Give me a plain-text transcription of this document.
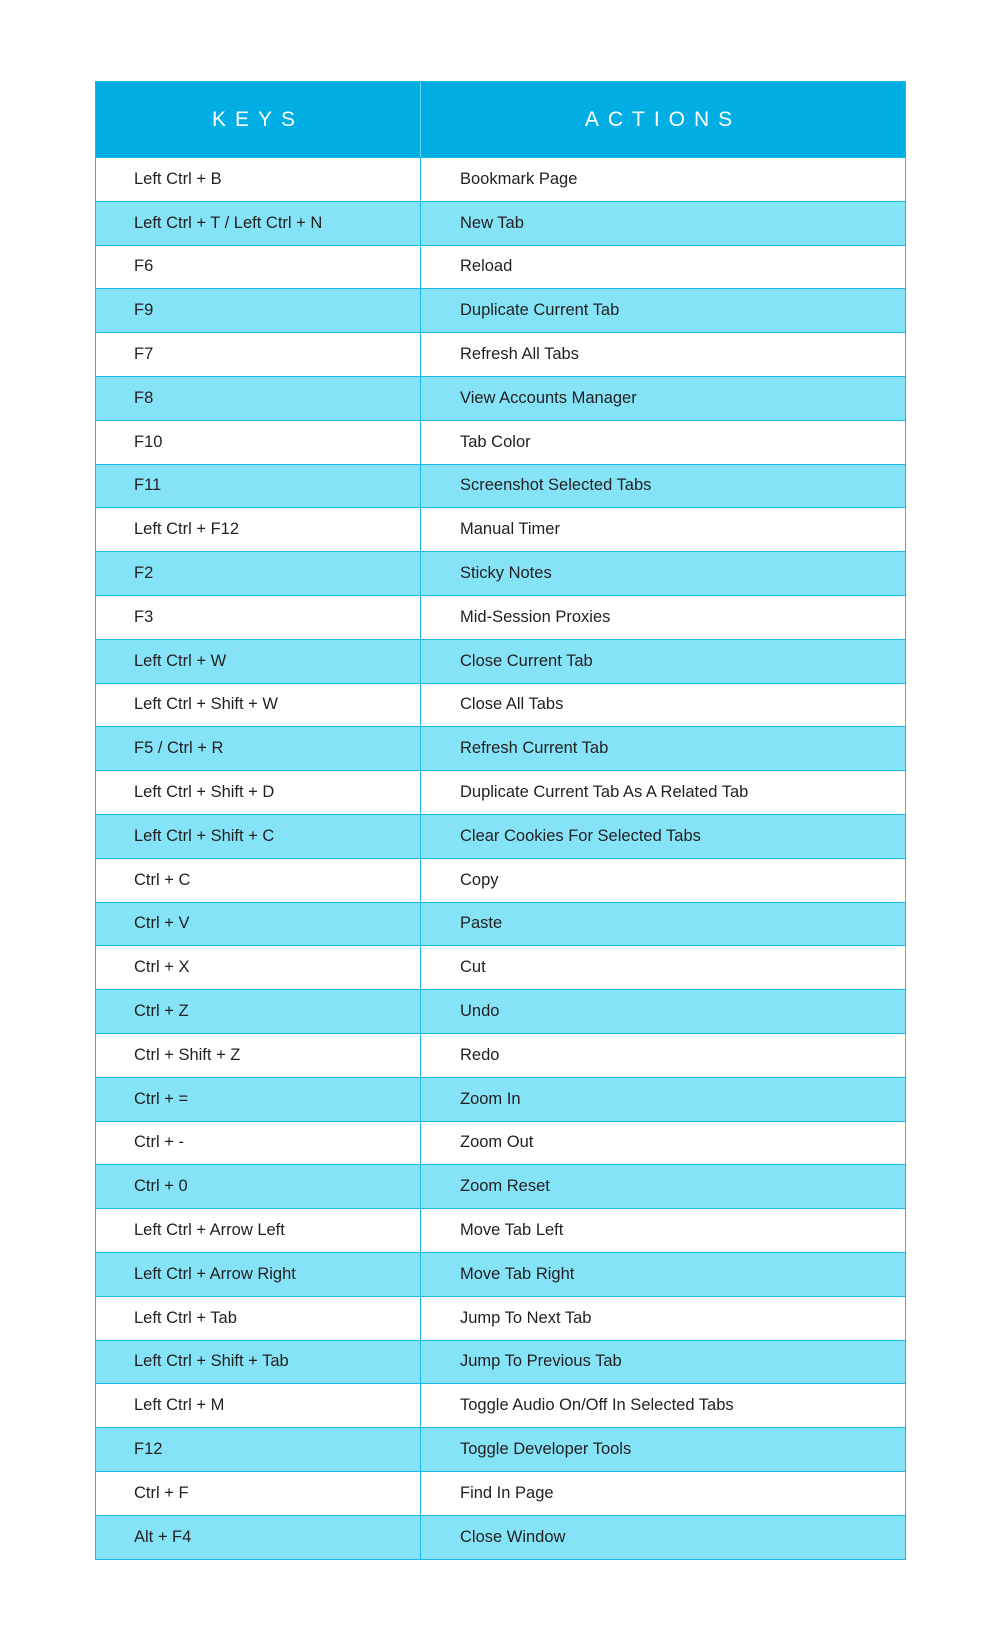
KEYS	ACTIONS
Left Ctrl + B	Bookmark Page
Left Ctrl + T / Left Ctrl + N	New Tab
F6	Reload
F9	Duplicate Current Tab
F7	Refresh All Tabs
F8	View Accounts Manager
F10	Tab Color
F11	Screenshot Selected Tabs
Left Ctrl + F12	Manual Timer
F2	Sticky Notes
F3	Mid-Session Proxies
Left Ctrl + W	Close Current Tab
Left Ctrl + Shift + W	Close All Tabs
F5 / Ctrl + R	Refresh Current Tab
Left Ctrl + Shift + D	Duplicate Current Tab As A Related Tab
Left Ctrl + Shift + C	Clear Cookies For Selected Tabs
Ctrl + C	Copy
Ctrl + V	Paste
Ctrl + X	Cut
Ctrl + Z	Undo
Ctrl + Shift + Z	Redo
Ctrl + =	Zoom In
Ctrl + -	Zoom Out
Ctrl + 0	Zoom Reset
Left Ctrl + Arrow Left	Move Tab Left
Left Ctrl + Arrow Right	Move Tab Right
Left Ctrl + Tab	Jump To Next Tab
Left Ctrl + Shift + Tab	Jump To Previous Tab
Left Ctrl + M	Toggle Audio On/Off In Selected Tabs
F12	Toggle Developer Tools
Ctrl + F	Find In Page
Alt + F4	Close Window
